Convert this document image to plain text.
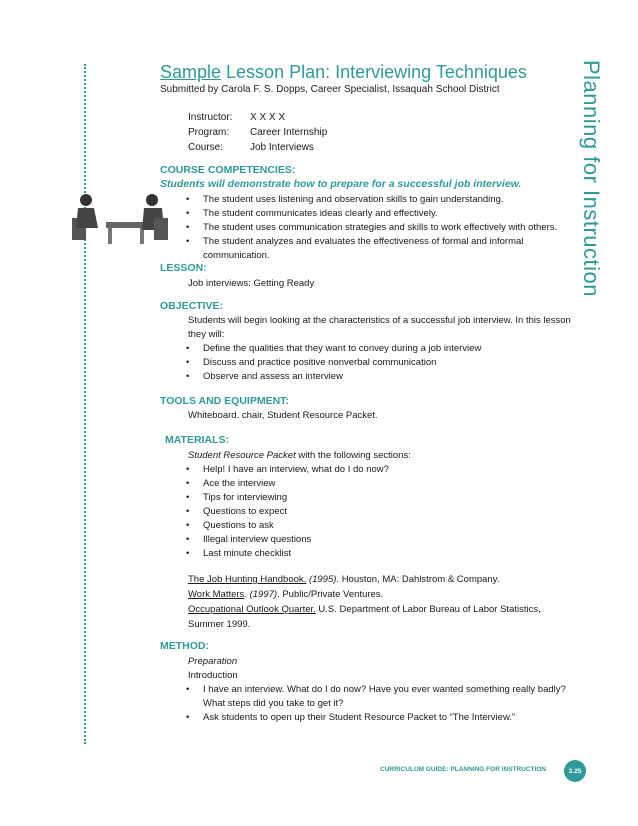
Planning for Instruction
Sample Lesson Plan: Interviewing Techniques
Submitted by Carola F. S. Dopps, Career Specialist, Issaquah School District
Instructor: X X X X
Program: Career Internship
Course:	Job Interviews
COURSE COMPETENCIES:
Students will demonstrate how to prepare for a successful job interview.
• The student uses listening and observation skills to gain understanding.
• The student communicates ideas clearly and effectively.
• The student uses communication strategies and skills to work effectively with others.
• The student analyzes and evaluates the effectiveness of formal and informal communication.
LESSON:
Job interviews: Getting Ready
OBJECTIVE:
Students will begin looking at the characteristics of a successful job interview. In this lesson they will:
• Define the qualities that they want to convey during a job interview
• Discuss and practice positive nonverbal communication
• Observe and assess an interview
TOOLS AND EQUIPMENT:
Whiteboard. chair, Student Resource Packet.
MATERIALS:
Student Resource Packet with the following sections:
• Help! I have an interview, what do I do now?
• Ace the interview
• Tips for interviewing
• Questions to expect
• Questions to ask
• Illegal interview questions
• Last minute checklist
The Job Hunting Handbook. (1995). Houston, MA: Dahlstrom & Company.
Work Matters. (1997). Public/Private Ventures.
Occupational Outlook Quarter. U.S. Department of Labor Bureau of Labor Statistics,
Summer 1999.
METHOD:
Preparation
Introduction
• I have an interview. What do I do now? Have you ever wanted something really badly? What steps did you take to get it?
• Ask students to open up their Student Resource Packet to “The Interview.”
CURRICULUM GUIDE: PLANNING FOR INSTRUCTION	3.25
